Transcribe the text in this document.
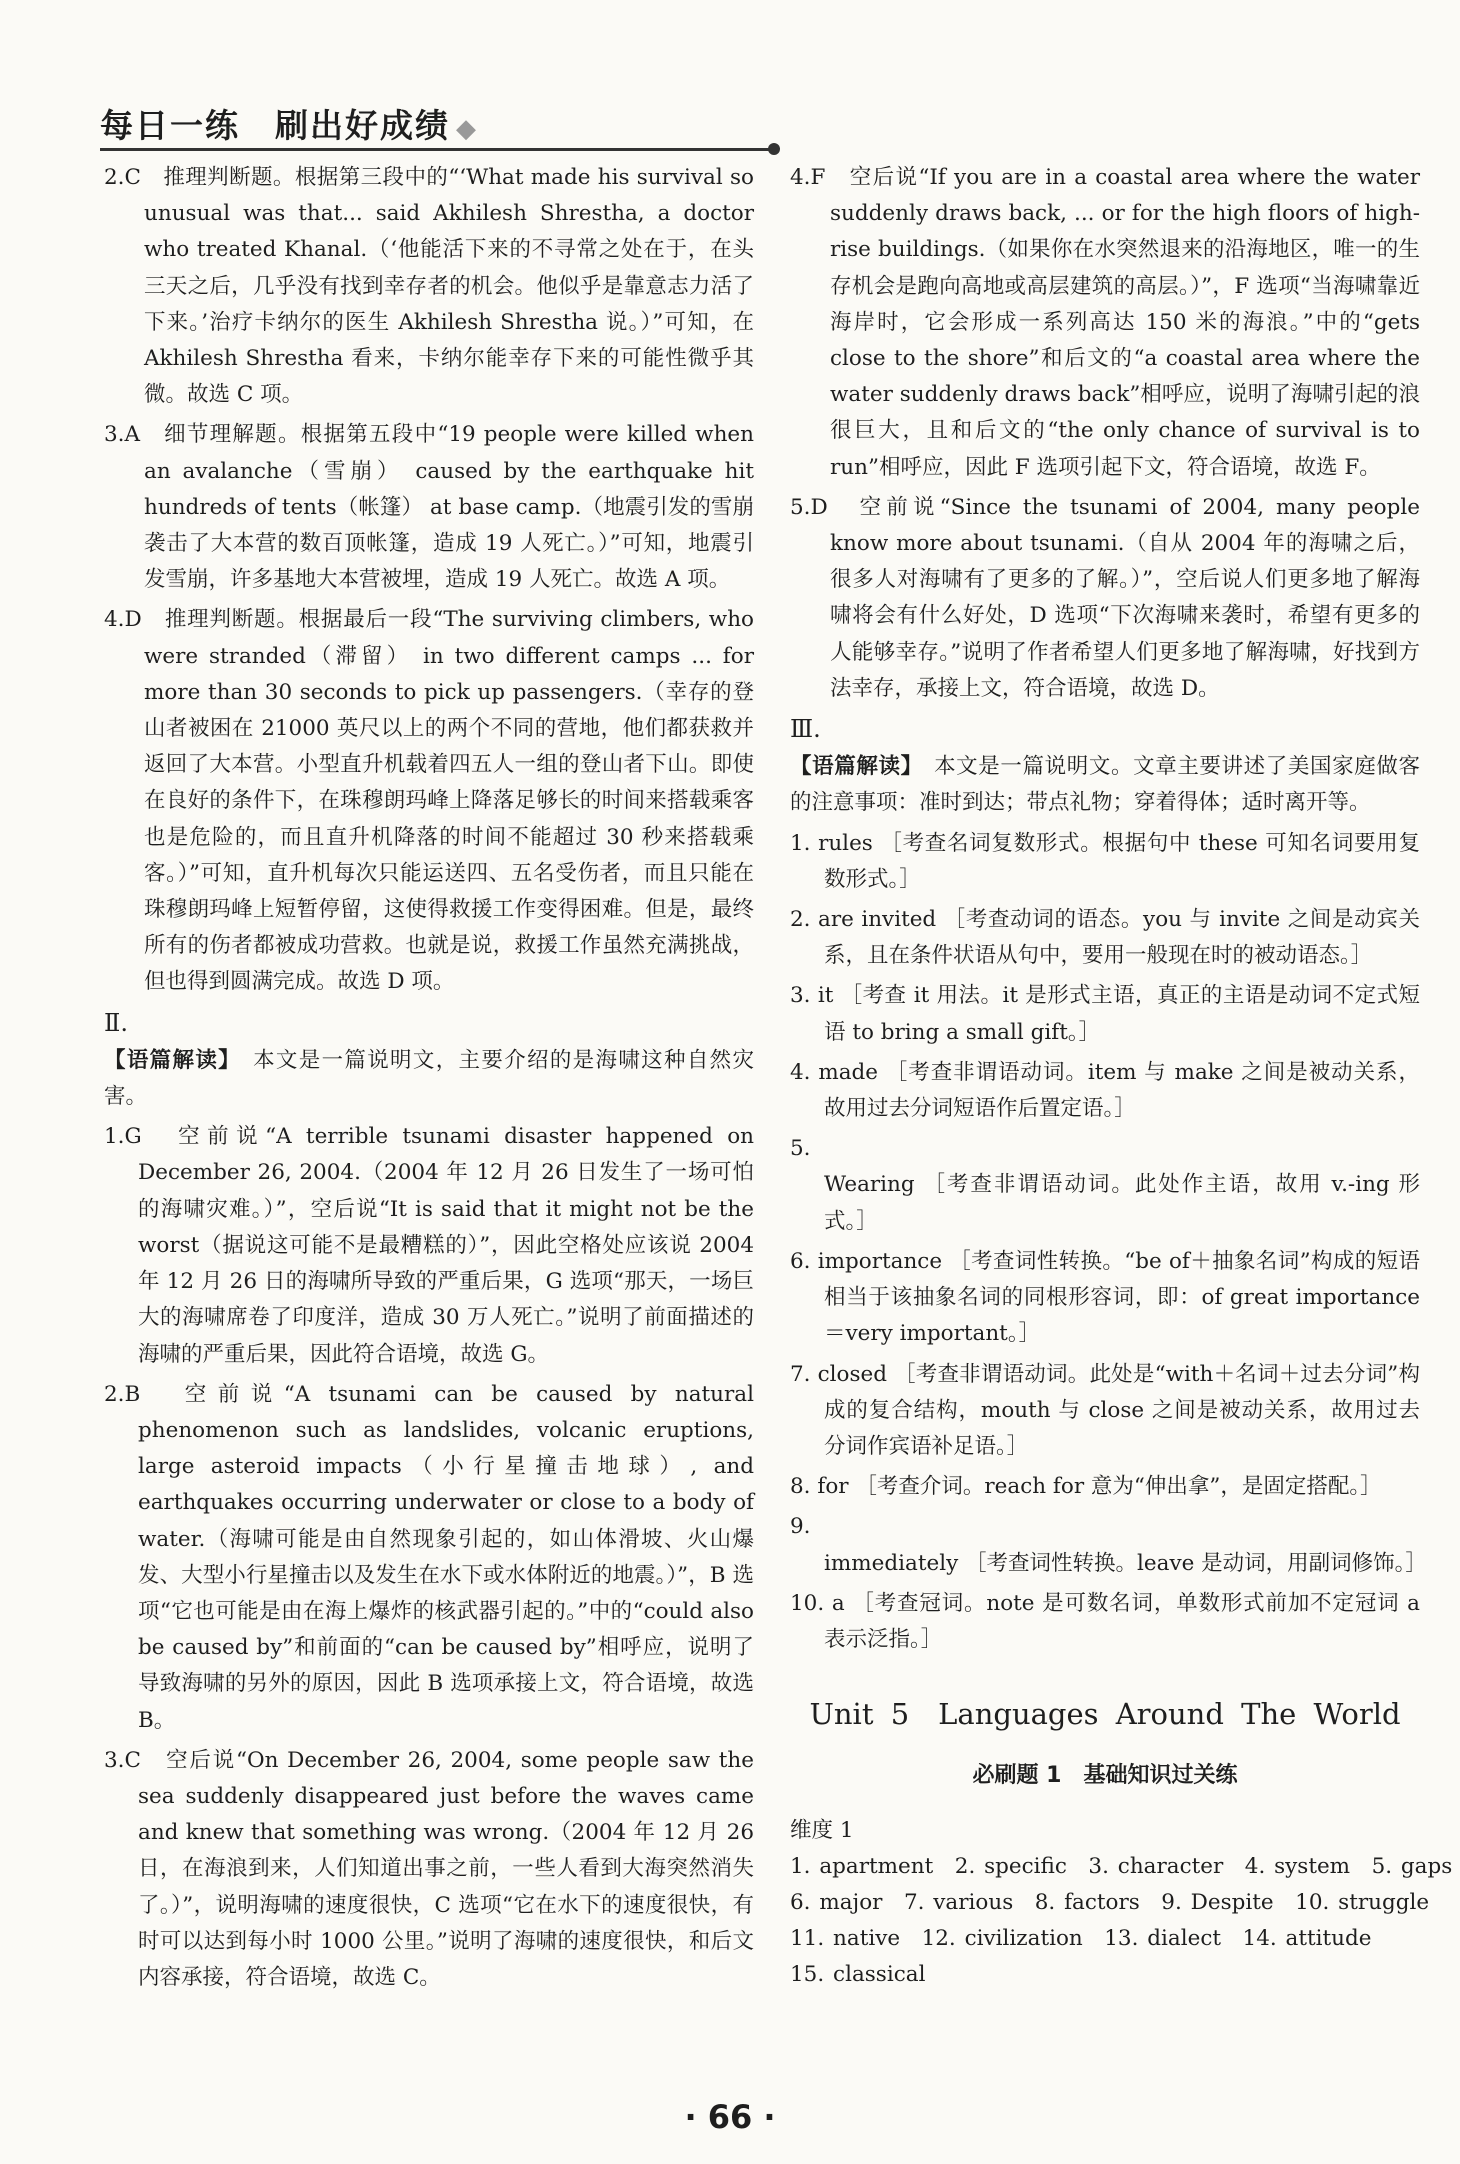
每日一练　刷出好成绩 ◆

2.C　 推理判断题。根据第三段中的“‘What made his survival so unusual was that... said Akhilesh Shrestha, a doctor who treated Khanal.（‘他能活下来的不寻常之处在于，在头三天之后，几乎没有找到幸存者的机会。他似乎是靠意志力活了下来。’治疗卡纳尔的医生 Akhilesh Shrestha 说。）”可知，在 Akhilesh Shrestha 看来，卡纳尔能幸存下来的可能性微乎其微。故选 C 项。

3.A　 细节理解题。根据第五段中“19 people were killed when an avalanche（雪崩） caused by the earthquake hit hundreds of tents（帐篷） at base camp.（地震引发的雪崩袭击了大本营的数百顶帐篷，造成 19 人死亡。）”可知，地震引发雪崩，许多基地大本营被埋，造成 19 人死亡。故选 A 项。

4.D　 推理判断题。根据最后一段“The surviving climbers, who were stranded（滞留） in two different camps ... for more than 30 seconds to pick up passengers.（幸存的登山者被困在 21000 英尺以上的两个不同的营地，他们都获救并返回了大本营。小型直升机载着四五人一组的登山者下山。即使在良好的条件下，在珠穆朗玛峰上降落足够长的时间来搭载乘客也是危险的，而且直升机降落的时间不能超过 30 秒来搭载乘客。）”可知，直升机每次只能运送四、五名受伤者，而且只能在珠穆朗玛峰上短暂停留，这使得救援工作变得困难。但是，最终所有的伤者都被成功营救。也就是说，救援工作虽然充满挑战，但也得到圆满完成。故选 D 项。

Ⅱ.

【语篇解读】　 本文是一篇说明文，主要介绍的是海啸这种自然灾害。

1.G　 空前说“A terrible tsunami disaster happened on December 26, 2004.（2004 年 12 月 26 日发生了一场可怕的海啸灾难。）”，空后说“It is said that it might not be the worst（据说这可能不是最糟糕的）”，因此空格处应该说 2004 年 12 月 26 日的海啸所导致的严重后果，G 选项“那天，一场巨大的海啸席卷了印度洋，造成 30 万人死亡。”说明了前面描述的海啸的严重后果，因此符合语境，故选 G。

2.B　 空前说“A tsunami can be caused by natural phenomenon such as landslides, volcanic eruptions, large asteroid impacts（小行星撞击地球）, and earthquakes occurring underwater or close to a body of water.（海啸可能是由自然现象引起的，如山体滑坡、火山爆发、大型小行星撞击以及发生在水下或水体附近的地震。）”，B 选项“它也可能是由在海上爆炸的核武器引起的。”中的“could also be caused by”和前面的“can be caused by”相呼应，说明了导致海啸的另外的原因，因此 B 选项承接上文，符合语境，故选 B。

3.C　 空后说“On December 26, 2004, some people saw the sea suddenly disappeared just before the waves came and knew that something was wrong.（2004 年 12 月 26 日，在海浪到来，人们知道出事之前，一些人看到大海突然消失了。）”，说明海啸的速度很快，C 选项“它在水下的速度很快，有时可以达到每小时 1000 公里。”说明了海啸的速度很快，和后文内容承接，符合语境，故选 C。

4.F　 空后说“If you are in a coastal area where the water suddenly draws back, ... or for the high floors of high-rise buildings.（如果你在水突然退来的沿海地区，唯一的生存机会是跑向高地或高层建筑的高层。）”，F 选项“当海啸靠近海岸时，它会形成一系列高达 150 米的海浪。”中的“gets close to the shore”和后文的“a coastal area where the water suddenly draws back”相呼应，说明了海啸引起的浪很巨大，且和后文的“the only chance of survival is to run”相呼应，因此 F 选项引起下文，符合语境，故选 F。

5.D　 空前说“Since the tsunami of 2004, many people know more about tsunami.（自从 2004 年的海啸之后，很多人对海啸有了更多的了解。）”，空后说人们更多地了解海啸将会有什么好处，D 选项“下次海啸来袭时，希望有更多的人能够幸存。”说明了作者希望人们更多地了解海啸，好找到方法幸存，承接上文，符合语境，故选 D。

Ⅲ.

【语篇解读】　 本文是一篇说明文。文章主要讲述了美国家庭做客的注意事项：准时到达；带点礼物；穿着得体；适时离开等。

1. rules ［考查名词复数形式。根据句中 these 可知名词要用复数形式。］

2. are invited ［考查动词的语态。you 与 invite 之间是动宾关系，且在条件状语从句中，要用一般现在时的被动语态。］

3. it ［考查 it 用法。it 是形式主语，真正的主语是动词不定式短语 to bring a small gift。］

4. made ［考查非谓语动词。item 与 make 之间是被动关系，故用过去分词短语作后置定语。］

5. Wearing ［考查非谓语动词。此处作主语，故用 v.-ing 形式。］

6. importance ［考查词性转换。“be of＋抽象名词”构成的短语相当于该抽象名词的同根形容词，即：of great importance＝very important。］

7. closed ［考查非谓语动词。此处是“with＋名词＋过去分词”构成的复合结构，mouth 与 close 之间是被动关系，故用过去分词作宾语补足语。］

8. for ［考查介词。reach for 意为“伸出拿”，是固定搭配。］

9. immediately ［考查词性转换。leave 是动词，用副词修饰。］

10. a ［考查冠词。note 是可数名词，单数形式前加不定冠词 a 表示泛指。］

Unit 5　Languages Around The World
必刷题 1　基础知识过关练

维度 1

1. apartment　2. specific　3. character　4. system　5. gaps

6. major　7. various　8. factors　9. Despite　10. struggle

11. native　12. civilization　13. dialect　14. attitude

15. classical

· 66 ·
